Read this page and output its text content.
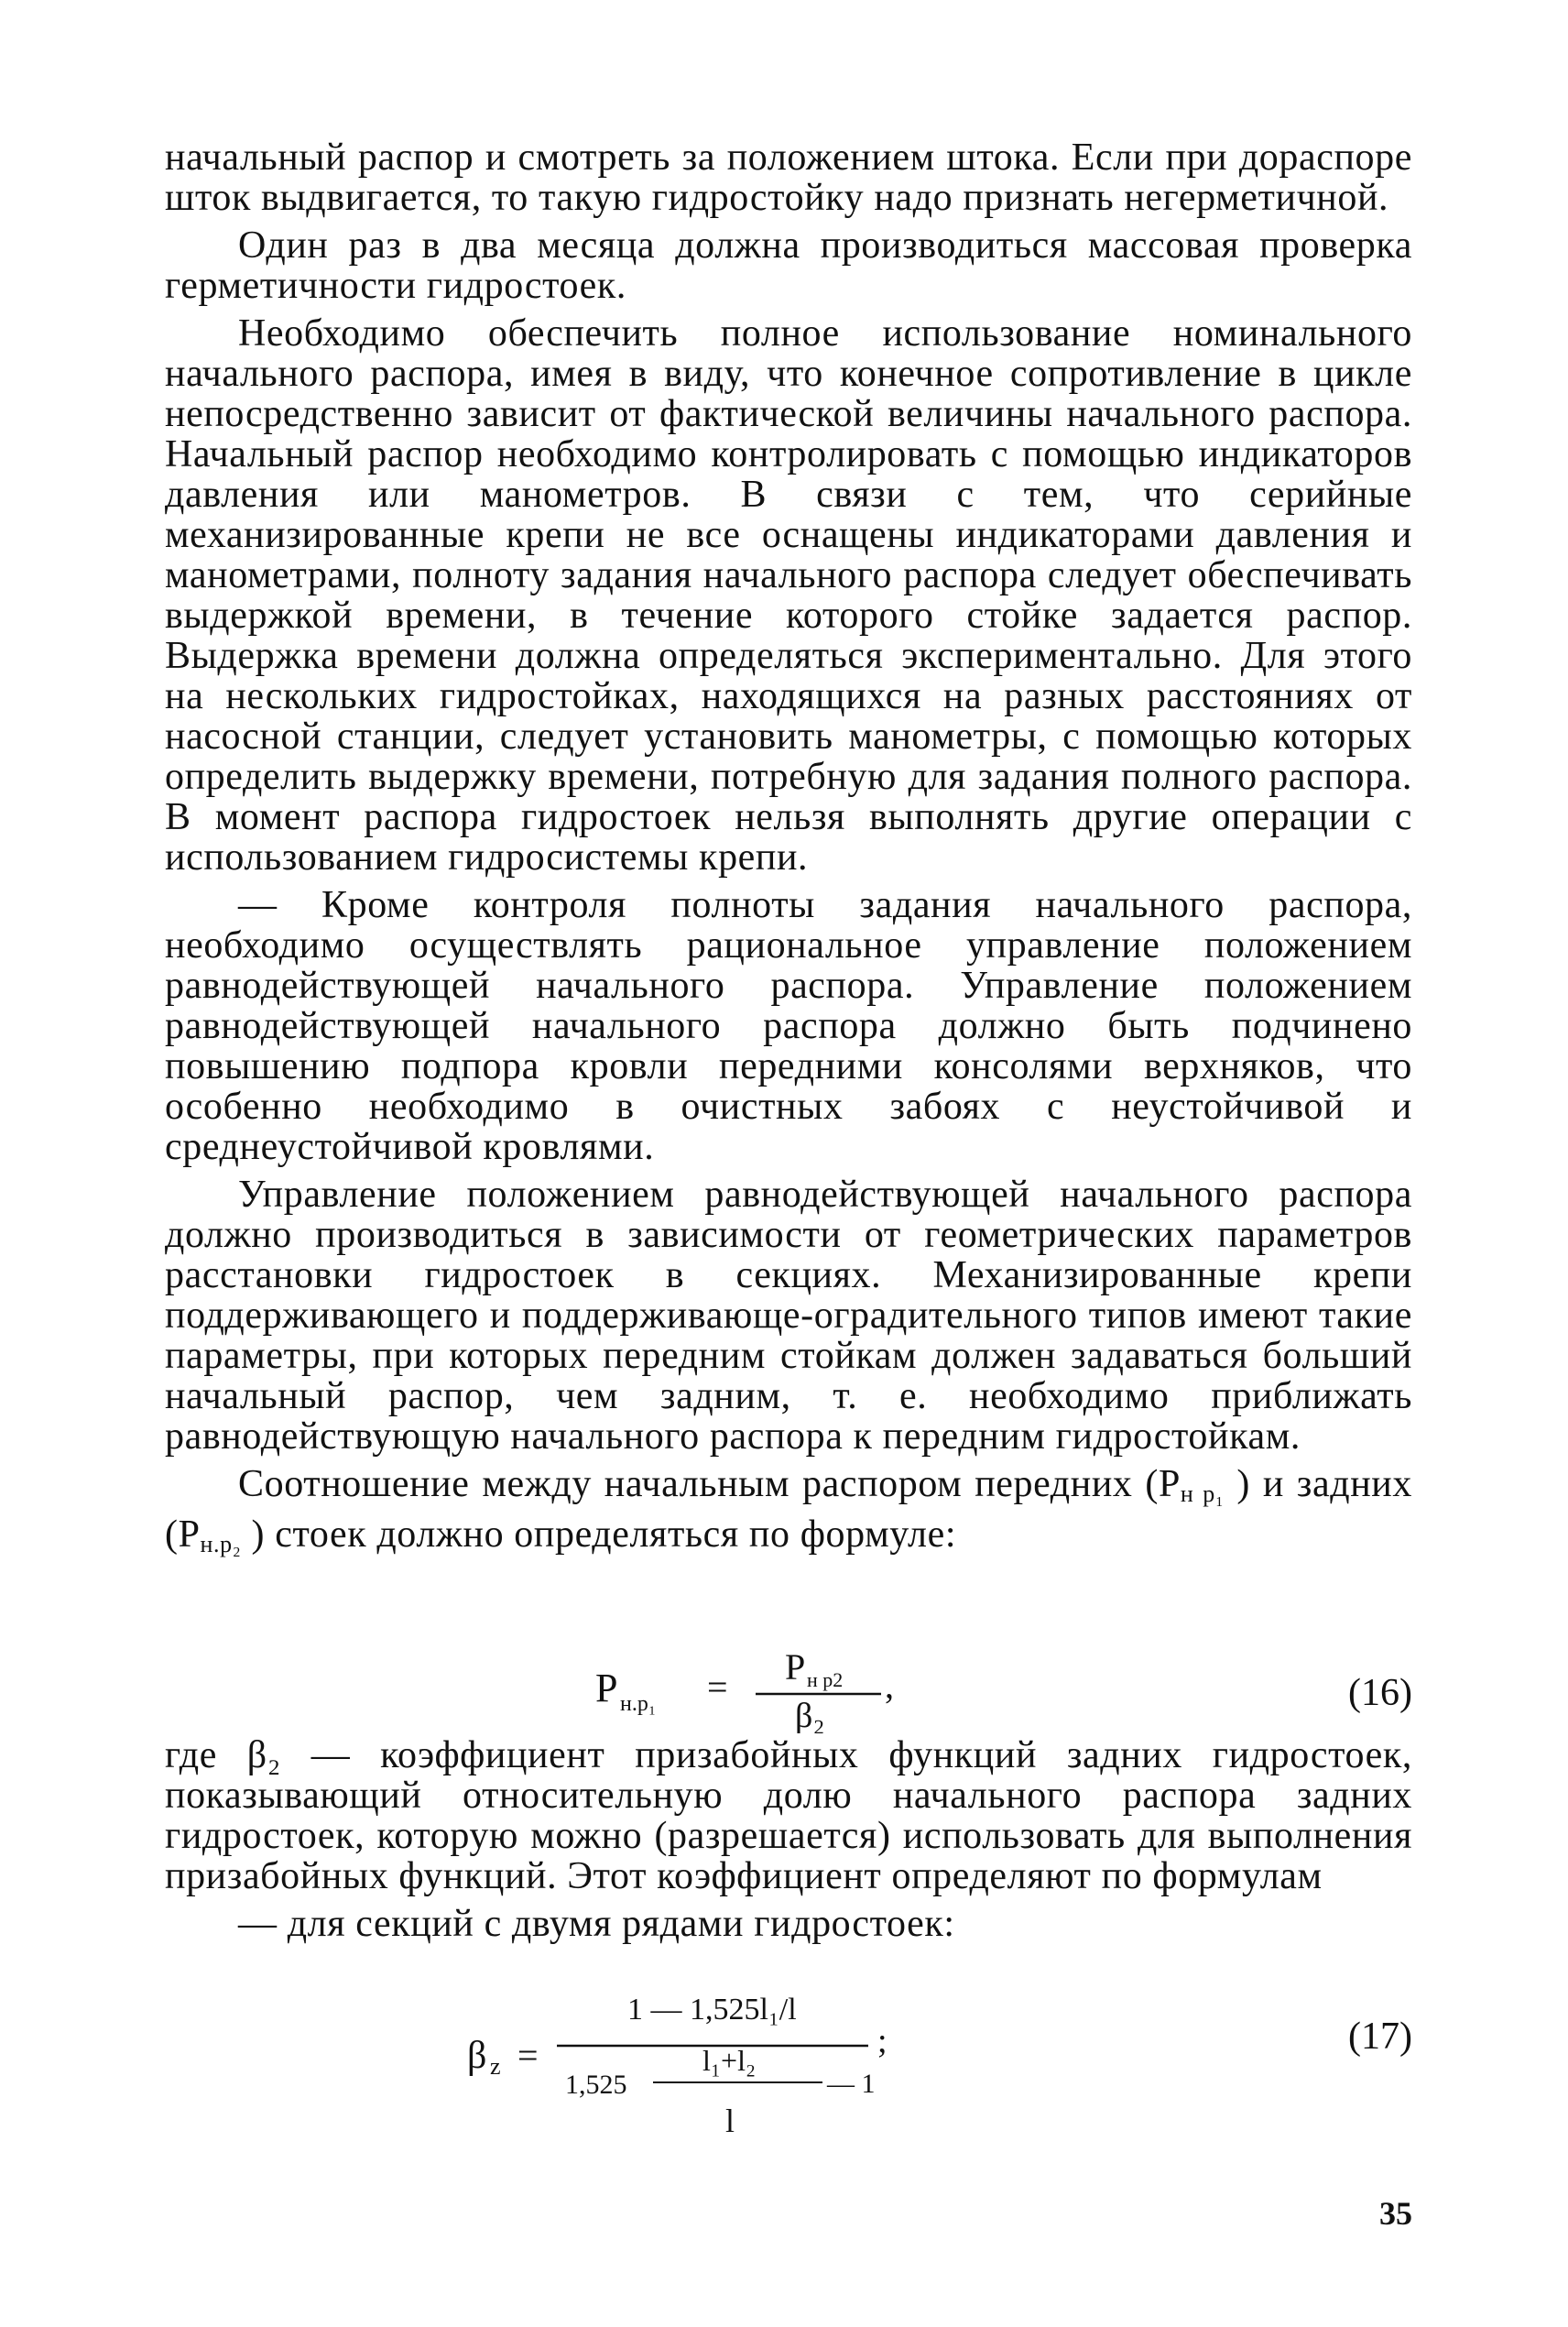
начальный распор и смотреть за положением штока. Если при дораспоре шток выдвигается, то такую гидростойку надо признать негерметичной.

Один раз в два месяца должна производиться массовая проверка герметичности гидростоек.

Необходимо обеспечить полное использование номинального начального распора, имея в виду, что конечное сопротивление в цикле непосредственно зависит от фактической величины начального распора. Начальный распор необходимо контролировать с помощью индикаторов давления или манометров. В связи с тем, что серийные механизированные крепи не все оснащены индикаторами давления и манометрами, полноту задания начального распора следует обеспечивать выдержкой времени, в течение которого стойке задается распор. Выдержка времени должна определяться экспериментально. Для этого на нескольких гидростойках, находящихся на разных расстояниях от насосной станции, следует установить манометры, с помощью которых определить выдержку времени, потребную для задания полного распора. В момент распора гидростоек нельзя выполнять другие операции с использованием гидросистемы крепи.

— Кроме контроля полноты задания начального распора, необходимо осуществлять рациональное управление положением равнодействующей начального распора. Управление положением равнодействующей начального распора должно быть подчинено повышению подпора кровли передними консолями верхняков, что особенно необходимо в очистных забоях с неустойчивой и среднеустойчивой кровлями.

Управление положением равнодействующей начального распора должно производиться в зависимости от геометрических параметров расстановки гидростоек в секциях. Механизированные крепи поддерживающего и поддерживающе-оградительного типов имеют такие параметры, при которых передним стойкам должен задаваться больший начальный распор, чем задним, т. е. необходимо приближать равнодействующую начального распора к передним гидростойкам.

Соотношение между начальным распором передних ($P_{н р_1}$ ) и задних ($P_{н.р_2}$ ) стоек должно определяться по формуле:

P н.р₁ = P н р2
β₂
,	(16)

где β₂ — коэффициент призабойных функций задних гидростоек, показывающий относительную долю начального распора задних гидростоек, которую можно (разрешается) использовать для выполнения призабойных функций. Этот коэффициент определяют по формулам

— для секций с двумя рядами гидростоек:

β z =
1 — 1,525l₁/l
1,525
l₁+l₂
— 1
l
;	(17)
35
